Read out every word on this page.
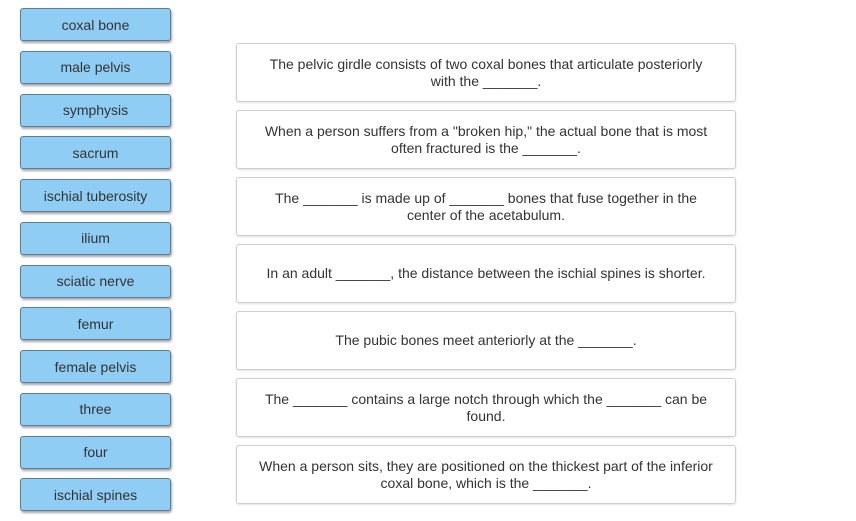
coxal bone
male pelvis
symphysis
sacrum
ischial tuberosity
ilium
sciatic nerve
femur
female pelvis
three
four
ischial spines
The pelvic girdle consists of two coxal bones that articulate posteriorly with the _______.
When a person suffers from a "broken hip," the actual bone that is most often fractured is the _______.
The _______ is made up of _______ bones that fuse together in the center of the acetabulum.
In an adult _______, the distance between the ischial spines is shorter.
The pubic bones meet anteriorly at the _______.
The _______ contains a large notch through which the _______ can be found.
When a person sits, they are positioned on the thickest part of the inferior coxal bone, which is the _______.
